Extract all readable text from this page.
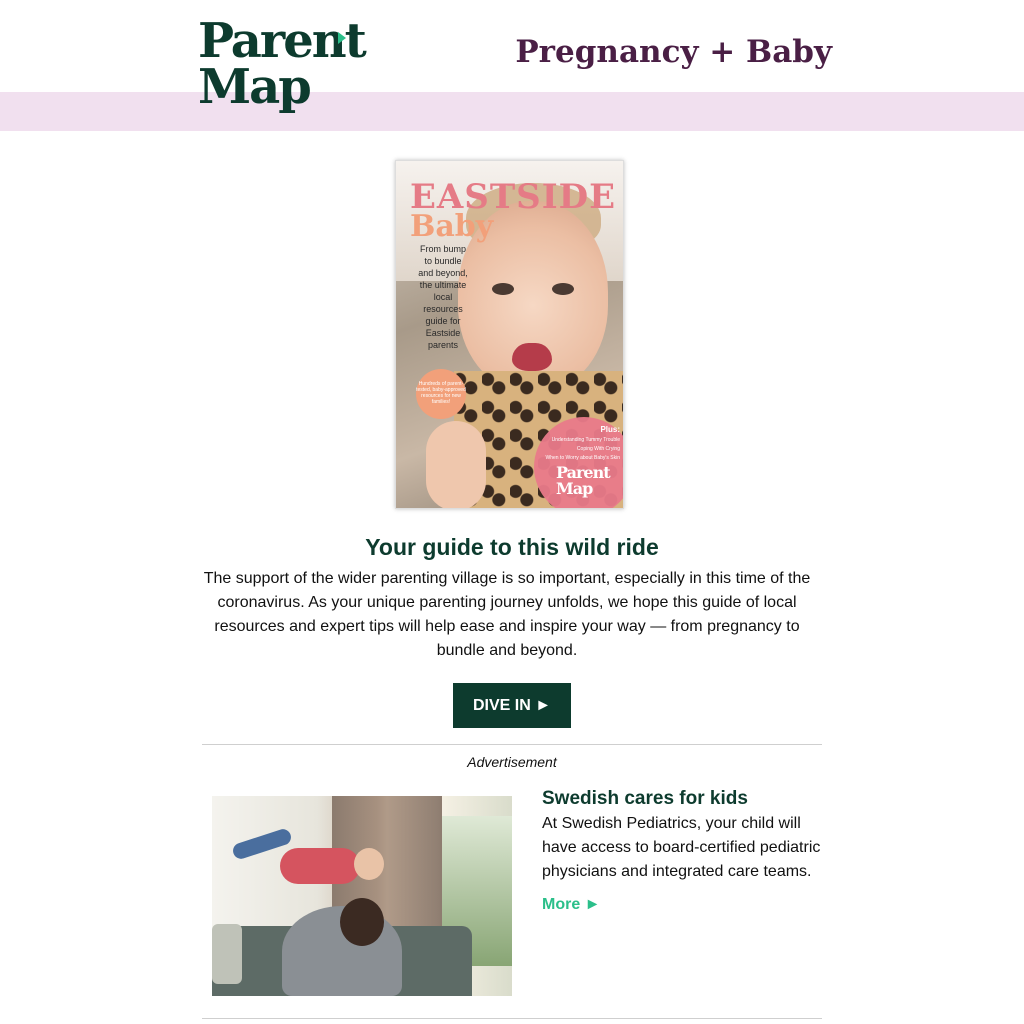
Parent
Map
Pregnancy + Baby
EASTSIDE
Baby
From bump to bundle and beyond, the ultimate local resources guide for Eastside parents
Hundreds of parent-tested, baby-approved resources for new families!
Plus:
Understanding Tummy Trouble
Coping With Crying
When to Worry about Baby's Skin
Parent
Map
Your guide to this wild ride
The support of the wider parenting village is so important, especially in this time of the coronavirus. As your unique parenting journey unfolds, we hope this guide of local resources and expert tips will help ease and inspire your way — from pregnancy to bundle and beyond.
DIVE IN ►
Advertisement
Swedish cares for kids
At Swedish Pediatrics, your child will have access to board-certified pediatric physicians and integrated care teams.
More ►
